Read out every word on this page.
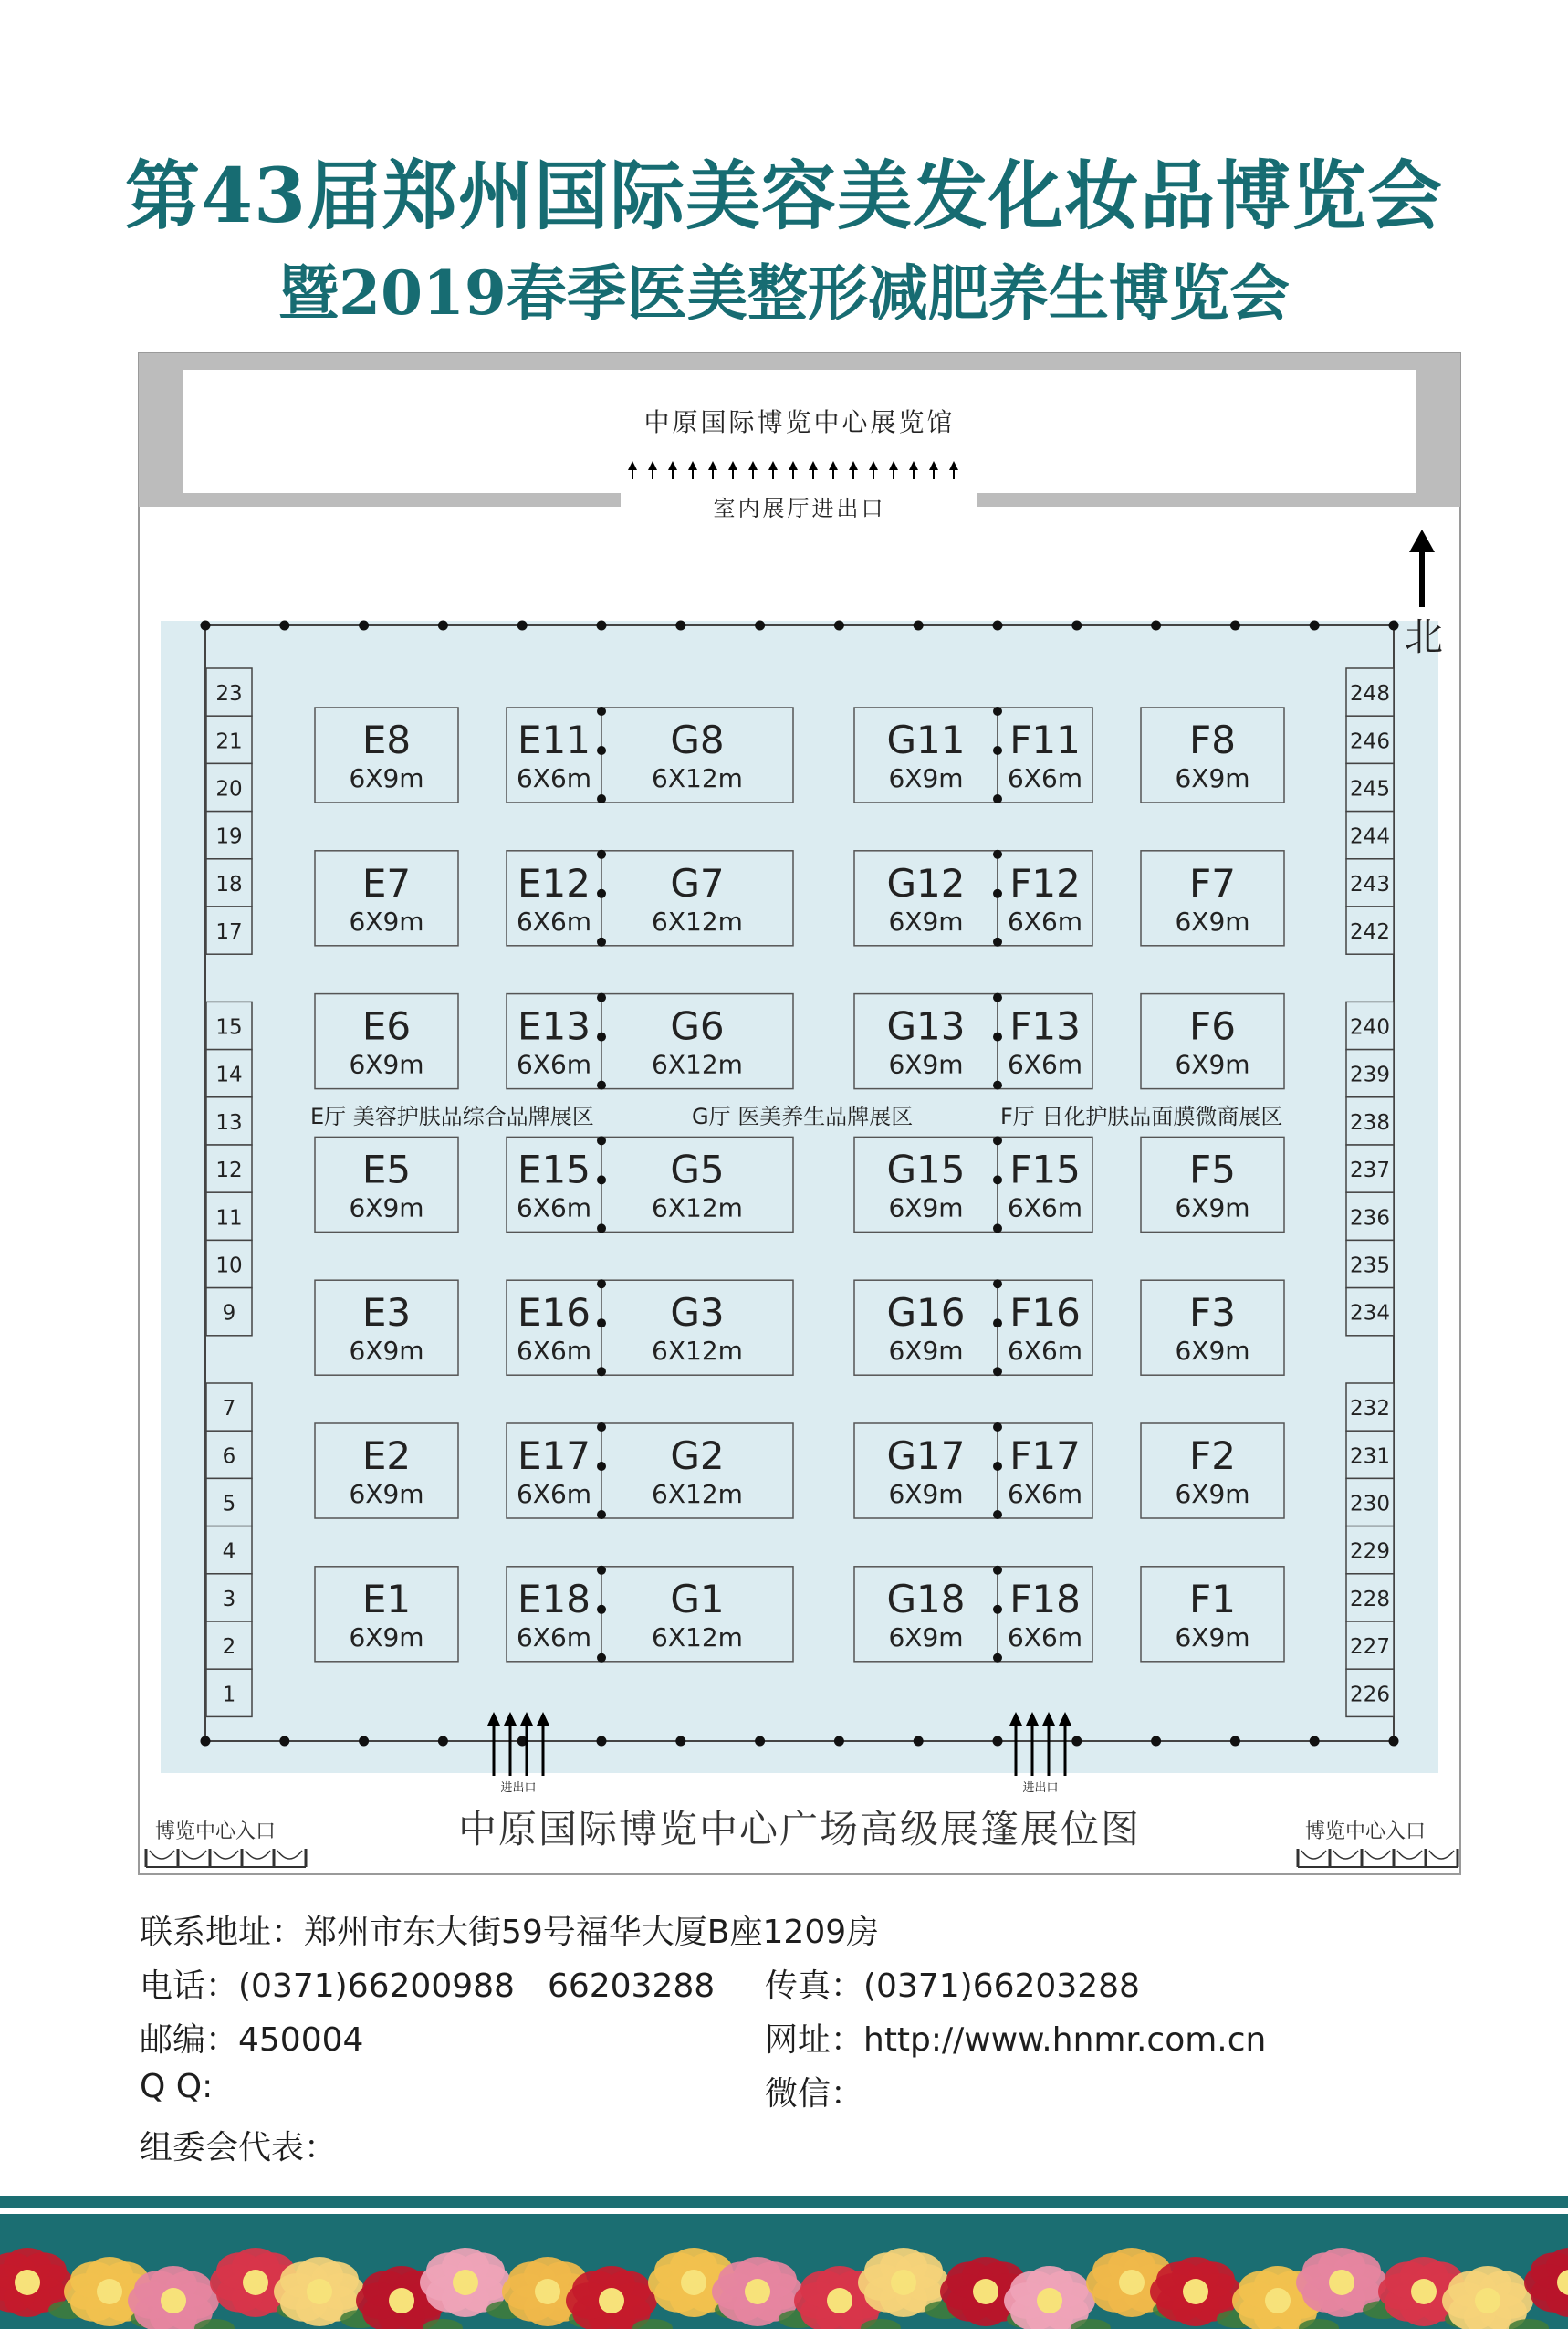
第43届郑州国际美容美发化妆品博览会
暨2019春季医美整形减肥养生博览会
中原国际博览中心展览馆
室内展厅进出口
北
23
21
20
19
18
17
15
14
13
12
11
10
9
7
6
5
4
3
2
1
248
246
245
244
243
242
240
239
238
237
236
235
234
232
231
230
229
228
227
226
E8
6X9m
E11
6X6m
G8
6X12m
G11
6X9m
F11
6X6m
F8
6X9m
E7
6X9m
E12
6X6m
G7
6X12m
G12
6X9m
F12
6X6m
F7
6X9m
E6
6X9m
E13
6X6m
G6
6X12m
G13
6X9m
F13
6X6m
F6
6X9m
E5
6X9m
E15
6X6m
G5
6X12m
G15
6X9m
F15
6X6m
F5
6X9m
E3
6X9m
E16
6X6m
G3
6X12m
G16
6X9m
F16
6X6m
F3
6X9m
E2
6X9m
E17
6X6m
G2
6X12m
G17
6X9m
F17
6X6m
F2
6X9m
E1
6X9m
E18
6X6m
G1
6X12m
G18
6X9m
F18
6X6m
F1
6X9m
E厅 美容护肤品综合品牌展区	G厅 医美养生品牌展区	F厅 日化护肤品面膜微商展区
进出口	进出口
中原国际博览中心广场高级展篷展位图
博览中心入口	博览中心入口
联系地址：郑州市东大街59号福华大厦B座1209房
电话：(0371)66200988　66203288 传真：(0371)66203288
邮编：450004	网址：http://www.hnmr.com.cn
Q Q:	微信：
组委会代表：
